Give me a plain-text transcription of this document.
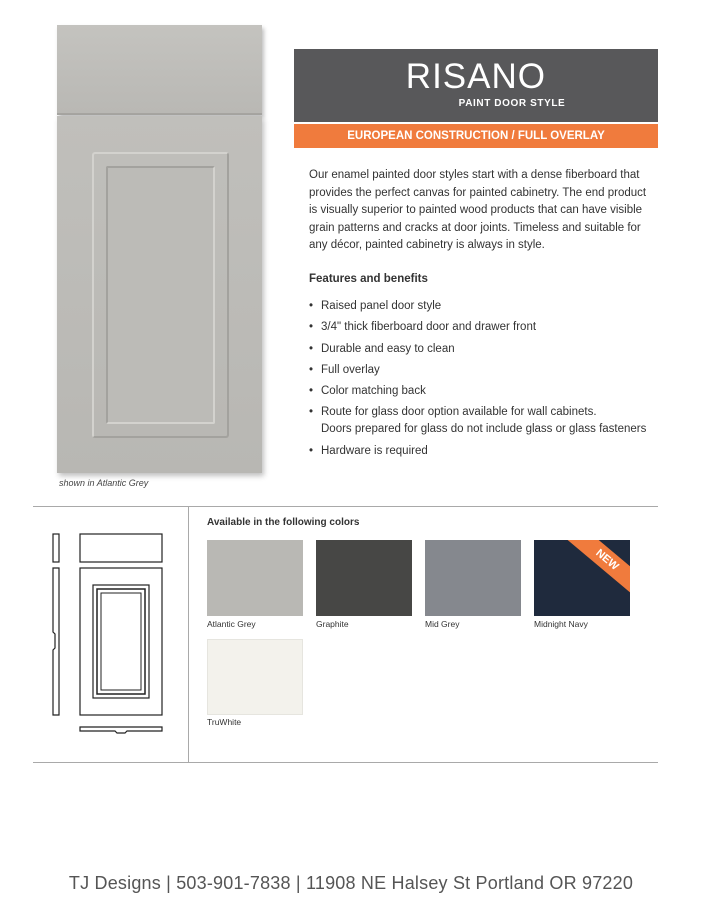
shown in Atlantic Grey
RISANO
PAINT DOOR STYLE
EUROPEAN CONSTRUCTION / FULL OVERLAY
Our enamel painted door styles start with a dense fiberboard that provides the perfect canvas for painted cabinetry. The end product is visually superior to painted wood products that can have visible grain patterns and cracks at door joints. Timeless and suitable for any décor, painted cabinetry is always in style.
Features and benefits
• Raised panel door style
• 3/4" thick fiberboard door and drawer front
• Durable and easy to clean
• Full overlay
• Color matching back
• Route for glass door option available for wall cabinets.
Doors prepared for glass do not include glass or glass fasteners
• Hardware is required
Available in the following colors
Atlantic Grey	Graphite	Mid Grey
NEW
Midnight Navy
TruWhite
TJ Designs | 503-901-7838 | 11908 NE Halsey St Portland OR 97220
